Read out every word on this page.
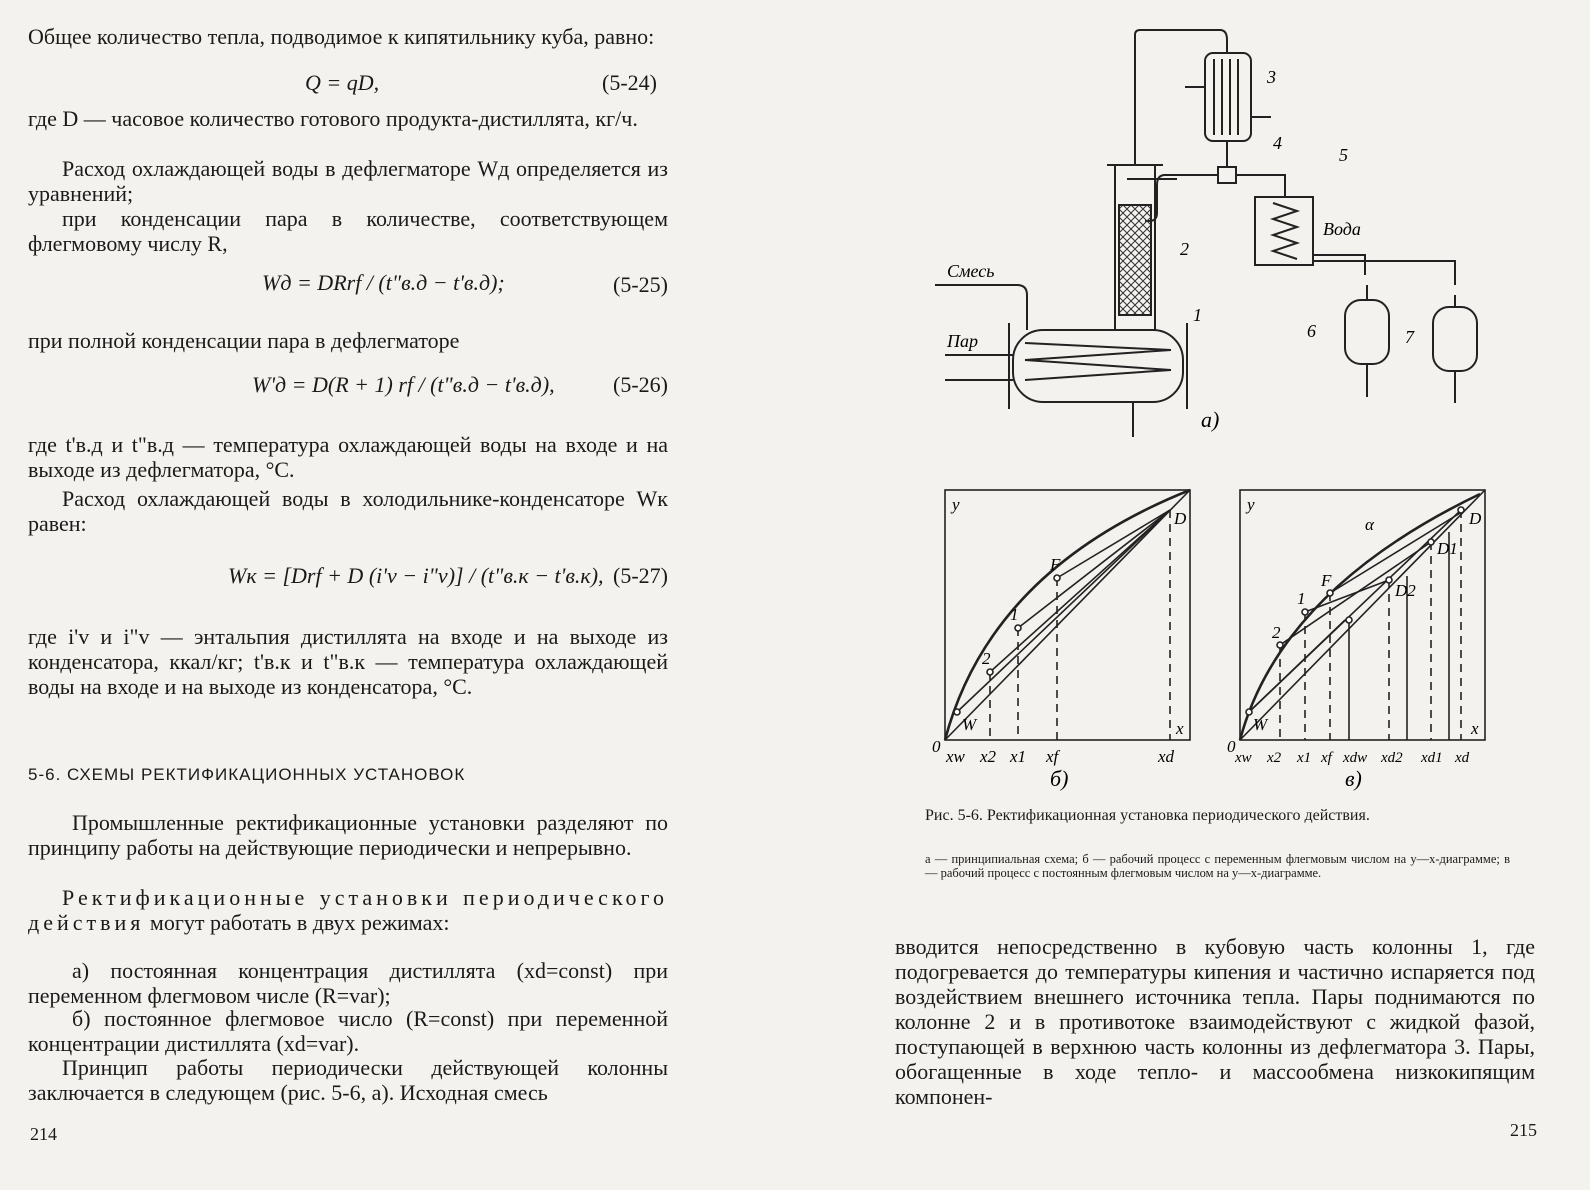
Общее количество тепла, подводимое к кипятильнику куба, равно:

Q = qD,	(5-24)

где D — часовое количество готового продукта-дистиллята, кг/ч.

Расход охлаждающей воды в дефлегматоре Wд определяется из уравнений;

при конденсации пара в количестве, соответствующем флегмовому числу R,

Wд = DRrf / (t"в.д − t'в.д);	(5-25)

при полной конденсации пара в дефлегматоре

W'д = D(R + 1) rf / (t"в.д − t'в.д),	(5-26)

где t'в.д и t"в.д — температура охлаждающей воды на входе и на выходе из дефлегматора, °С.

Расход охлаждающей воды в холодильнике-конденсаторе Wк равен:

Wк = [Drf + D (i'v − i"v)] / (t"в.к − t'в.к), (5-27)

где i'v и i"v — энтальпия дистиллята на входе и на выходе из конденсатора, ккал/кг; t'в.к и t"в.к — температура охлаждающей воды на входе и на выходе из конденсатора, °С.

5-6. СХЕМЫ РЕКТИФИКАЦИОННЫХ УСТАНОВОК

Промышленные ректификационные установки разделяют по принципу работы на действующие периодически и непрерывно.

Ректификационные установки периодического действия могут работать в двух режимах:

а) постоянная концентрация дистиллята (xd=const) при переменном флегмовом числе (R=var);

б) постоянное флегмовое число (R=const) при переменной концентрации дистиллята (xd=var).

Принцип работы периодически действующей колонны заключается в следующем (рис. 5-6, а). Исходная смесь

214
Смесь
Пар
Вода
1
2
3
4
5
6	7
а)
y
x
0
D
F
1
2
W
xw x2 x1 xf	xd
б)
y
x
0
D
D1
D2
F
1
2
W
α
xw x2 x1 xf xdw xd2 xd1 xd
в)

Рис. 5-6. Ректификационная установка периодического действия.

а — принципиальная схема; б — рабочий процесс с переменным флегмовым числом на y—x-диаграмме; в — рабочий процесс с постоянным флегмовым числом на y—x-диаграмме.

вводится непосредственно в кубовую часть колонны 1, где подогревается до температуры кипения и частично испаряется под воздействием внешнего источника тепла. Пары поднимаются по колонне 2 и в противотоке взаимодействуют с жидкой фазой, поступающей в верхнюю часть колонны из дефлегматора 3. Пары, обогащенные в ходе тепло- и массообмена низкокипящим компонен-

215
